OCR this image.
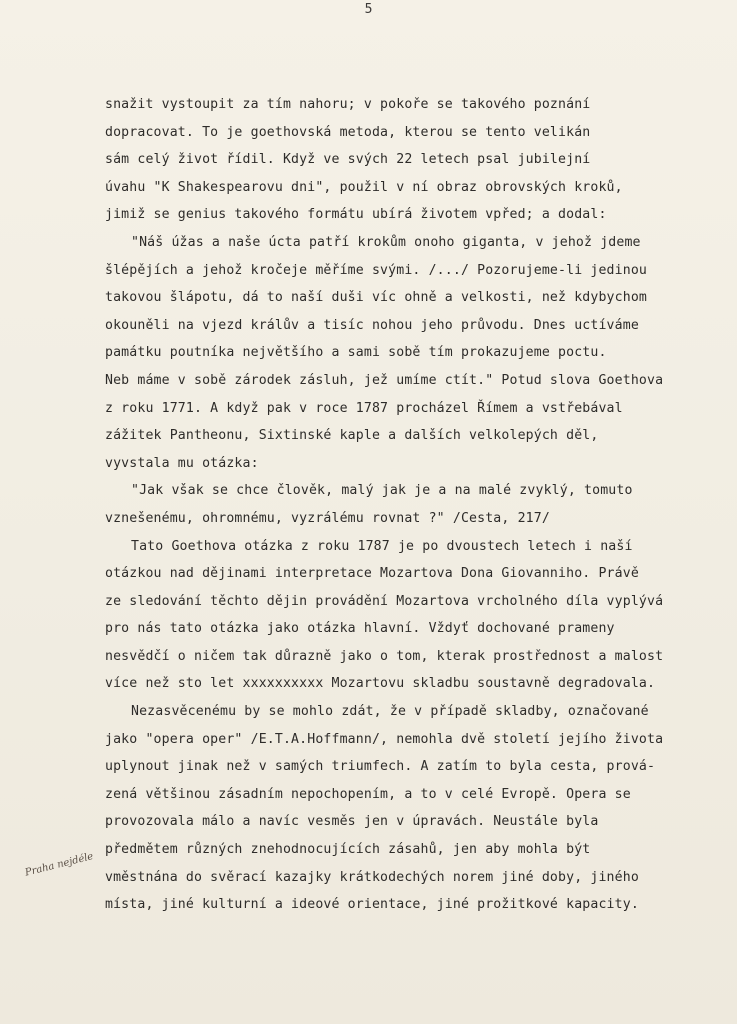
5
snažit vystoupit za tím nahoru; v pokoře se takového poznání
dopracovat. To je goethovská metoda, kterou se tento velikán
sám celý život řídil. Když ve svých 22 letech psal jubilejní
úvahu "K Shakespearovu dni", použil v ní obraz obrovských kroků,
jimiž se genius takového formátu ubírá životem vpřed; a dodal:
"Náš úžas a naše úcta patří krokům onoho giganta, v jehož jdeme
šlépějích a jehož kročeje měříme svými. /.../ Pozorujeme-li jedinou
takovou šlápotu, dá to naší duši víc ohně a velkosti, než kdybychom
okouněli na vjezd králův a tisíc nohou jeho průvodu. Dnes uctíváme
památku poutníka největšího a sami sobě tím prokazujeme poctu.
Neb máme v sobě zárodek zásluh, jež umíme ctít." Potud slova Goethova
z roku 1771. A když pak v roce 1787 procházel Římem a vstřebával
zážitek Pantheonu, Sixtinské kaple a dalších velkolepých děl,
vyvstala mu otázka:
"Jak však se chce člověk, malý jak je a na malé zvyklý, tomuto
vznešenému, ohromnému, vyzrálému rovnat ?" /Cesta, 217/
Tato Goethova otázka z roku 1787 je po dvoustech letech i naší
otázkou nad dějinami interpretace Mozartova Dona Giovanniho. Právě
ze sledování těchto dějin provádění Mozartova vrcholného díla vyplývá
pro nás tato otázka jako otázka hlavní. Vždyť dochované prameny
nesvědčí o ničem tak důrazně jako o tom, kterak prostřednost a malost
více než sto let xxxxxxxxxx Mozartovu skladbu soustavně degradovala.
Nezasvěcenému by se mohlo zdát, že v případě skladby, označované
jako "opera oper" /E.T.A.Hoffmann/, nemohla dvě století jejího života
uplynout jinak než v samých triumfech. A zatím to byla cesta, prová-
zená většinou zásadním nepochopením, a to v celé Evropě. Opera se
provozovala málo a navíc vesměs jen v úpravách. Neustále byla
předmětem různých znehodnocujících zásahů, jen aby mohla být
vměstnána do svěrací kazajky krátkodechých norem jiné doby, jiného
místa, jiné kulturní a ideové orientace, jiné prožitkové kapacity.
Praha nejdéle
